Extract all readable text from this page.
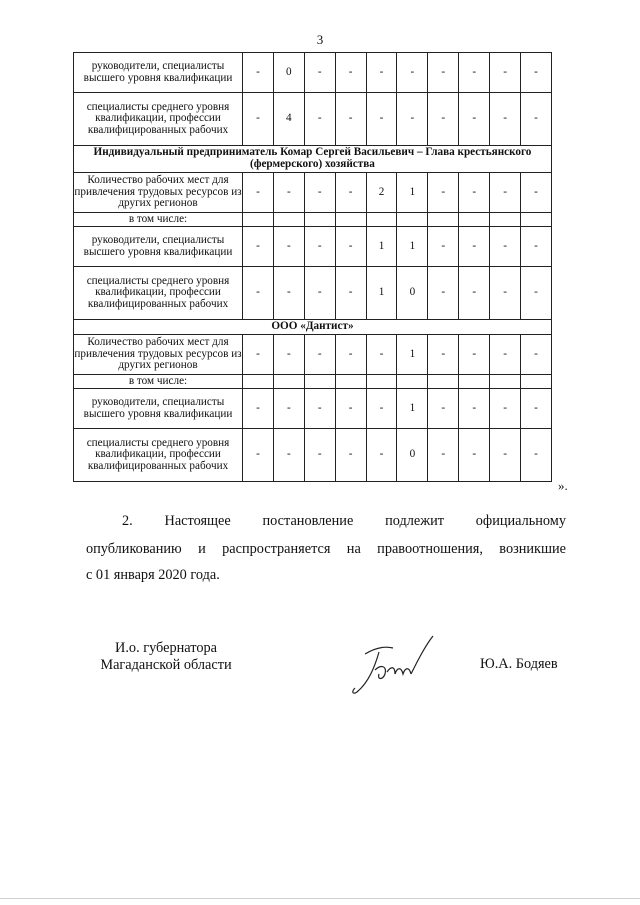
3
руководители, специалисты высшего уровня квалификации	-	0	-	-	-	-	-	-	-	-
специалисты среднего уровня квалификации, профессии квалифицированных рабочих	-	4	-	-	-	-	-	-	-	-
Индивидуальный предприниматель Комар Сергей Васильевич – Глава крестьянского (фермерского) хозяйства										
Количество рабочих мест для привлечения трудовых ресурсов из других регионов	-	-	-	-	2	1	-	-	-	-
в том числе:										
руководители, специалисты высшего уровня квалификации	-	-	-	-	1	1	-	-	-	-
специалисты среднего уровня квалификации, профессии квалифицированных рабочих	-	-	-	-	1	0	-	-	-	-
ООО «Дантист»										
Количество рабочих мест для привлечения трудовых ресурсов из других регионов	-	-	-	-	-	1	-	-	-	-
в том числе:										
руководители, специалисты высшего уровня квалификации	-	-	-	-	-	1	-	-	-	-
специалисты среднего уровня квалификации, профессии квалифицированных рабочих	-	-	-	-	-	0	-	-	-	-
».
2. Настоящее постановление подлежит официальному
опубликованию и распространяется на правоотношения, возникшие
с 01 января 2020 года.
И.о. губернатора
Магаданской области	Ю.А. Бодяев
